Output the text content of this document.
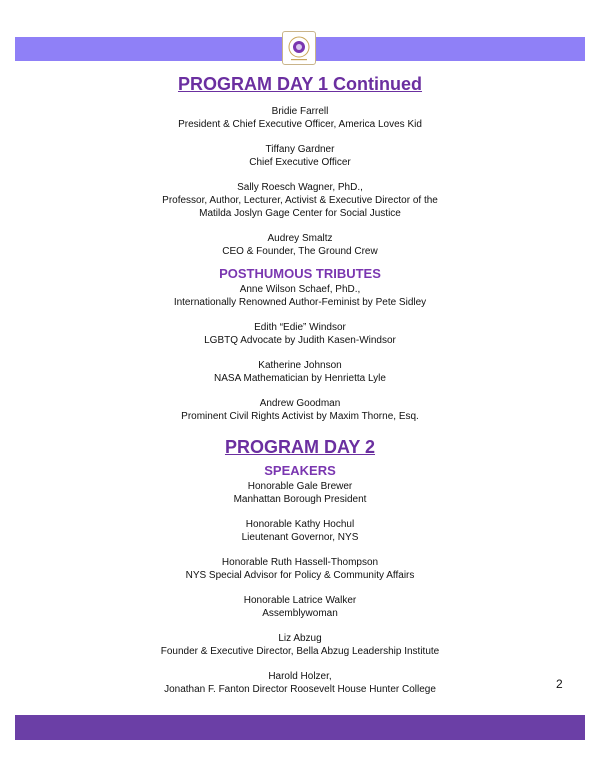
PROGRAM DAY 1 Continued
Bridie Farrell
President & Chief Executive Officer, America Loves Kid
Tiffany Gardner
Chief Executive Officer
Sally Roesch Wagner, PhD.,
Professor, Author, Lecturer, Activist & Executive Director of the
Matilda Joslyn Gage Center for Social Justice
Audrey Smaltz
CEO & Founder, The Ground Crew
POSTHUMOUS TRIBUTES
Anne Wilson Schaef, PhD.,
Internationally Renowned Author-Feminist by Pete Sidley
Edith “Edie” Windsor
LGBTQ Advocate by Judith Kasen-Windsor
Katherine Johnson
NASA Mathematician by Henrietta Lyle
Andrew Goodman
Prominent Civil Rights Activist by Maxim Thorne, Esq.
PROGRAM DAY 2
SPEAKERS
Honorable Gale Brewer
Manhattan Borough President
Honorable Kathy Hochul
Lieutenant Governor, NYS
Honorable Ruth Hassell-Thompson
NYS Special Advisor for Policy & Community Affairs
Honorable Latrice Walker
Assemblywoman
Liz Abzug
Founder & Executive Director, Bella Abzug Leadership Institute
Harold Holzer,
Jonathan F. Fanton Director Roosevelt House Hunter College	2
